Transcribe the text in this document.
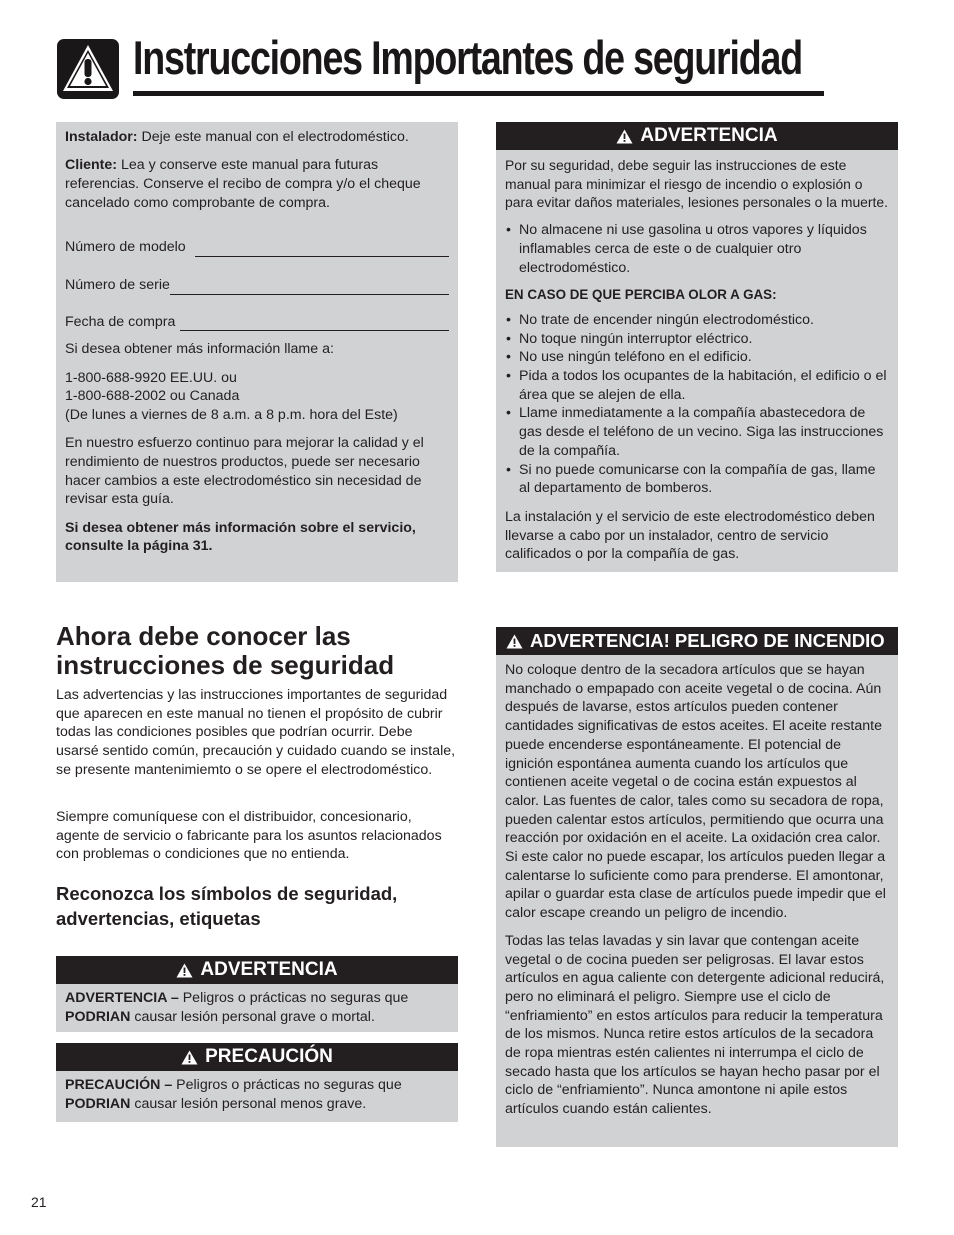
Instrucciones Importantes de seguridad

Instalador: Deje este manual con el electrodoméstico.

Cliente: Lea y conserve este manual para futuras referencias. Conserve el recibo de compra y/o el cheque cancelado como comprobante de compra.

Número de modelo
Número de serie
Fecha de compra

Si desea obtener más información llame a:

1-800-688-9920 EE.UU. ou
1-800-688-2002 ou Canada
(De lunes a viernes de 8 a.m. a 8 p.m. hora del Este)

En nuestro esfuerzo continuo para mejorar la calidad y el rendimiento de nuestros productos, puede ser necesario hacer cambios a este electrodoméstico sin necesidad de revisar esta guía.

Si desea obtener más información sobre el servicio, consulte la página 31.

ADVERTENCIA

Por su seguridad, debe seguir las instrucciones de este manual para minimizar el riesgo de incendio o explosión o para evitar daños materiales, lesiones personales o la muerte.

• No almacene ni use gasolina u otros vapores y líquidos inflamables cerca de este o de cualquier otro electrodoméstico.

EN CASO DE QUE PERCIBA OLOR A GAS:

• No trate de encender ningún electrodoméstico.
• No toque ningún interruptor eléctrico.
• No use ningún teléfono en el edificio.
• Pida a todos los ocupantes de la habitación, el edificio o el área que se alejen de ella.
• Llame inmediatamente a la compañía abastecedora de gas desde el teléfono de un vecino. Siga las instrucciones de la compañía.
• Si no puede comunicarse con la compañía de gas, llame al departamento de bomberos.

La instalación y el servicio de este electrodoméstico deben llevarse a cabo por un instalador, centro de servicio calificados o por la compañía de gas.

Ahora debe conocer las instrucciones de seguridad

Las advertencias y las instrucciones importantes de seguridad que aparecen en este manual no tienen el propósito de cubrir todas las condiciones posibles que podrían ocurrir. Debe usarsé sentido común, precaución y cuidado cuando se instale, se presente mantenimiemto o se opere el electrodoméstico.

Siempre comuníquese con el distribuidor, concesionario, agente de servicio o fabricante para los asuntos relacionados con problemas o condiciones que no entienda.

Reconozca los símbolos de seguridad, advertencias, etiquetas
ADVERTENCIA

ADVERTENCIA – Peligros o prácticas no seguras que PODRIAN causar lesión personal grave o mortal.

PRECAUCIÓN

PRECAUCIÓN – Peligros o prácticas no seguras que PODRIAN causar lesión personal menos grave.

ADVERTENCIA! PELIGRO DE INCENDIO

No coloque dentro de la secadora artículos que se hayan manchado o empapado con aceite vegetal o de cocina. Aún después de lavarse, estos artículos pueden contener cantidades significativas de estos aceites. El aceite restante puede encenderse espontáneamente. El potencial de ignición espontánea aumenta cuando los artículos que contienen aceite vegetal o de cocina están expuestos al calor. Las fuentes de calor, tales como su secadora de ropa, pueden calentar estos artículos, permitiendo que ocurra una reacción por oxidación en el aceite. La oxidación crea calor. Si este calor no puede escapar, los artículos pueden llegar a calentarse lo suficiente como para prenderse. El amontonar, apilar o guardar esta clase de artículos puede impedir que el calor escape creando un peligro de incendio.

Todas las telas lavadas y sin lavar que contengan aceite vegetal o de cocina pueden ser peligrosas. El lavar estos artículos en agua caliente con detergente adicional reducirá, pero no eliminará el peligro. Siempre use el ciclo de “enfriamiento” en estos artículos para reducir la temperatura de los mismos. Nunca retire estos artículos de la secadora de ropa mientras estén calientes ni interrumpa el ciclo de secado hasta que los artículos se hayan hecho pasar por el ciclo de “enfriamiento”. Nunca amontone ni apile estos artículos cuando están calientes.

21
